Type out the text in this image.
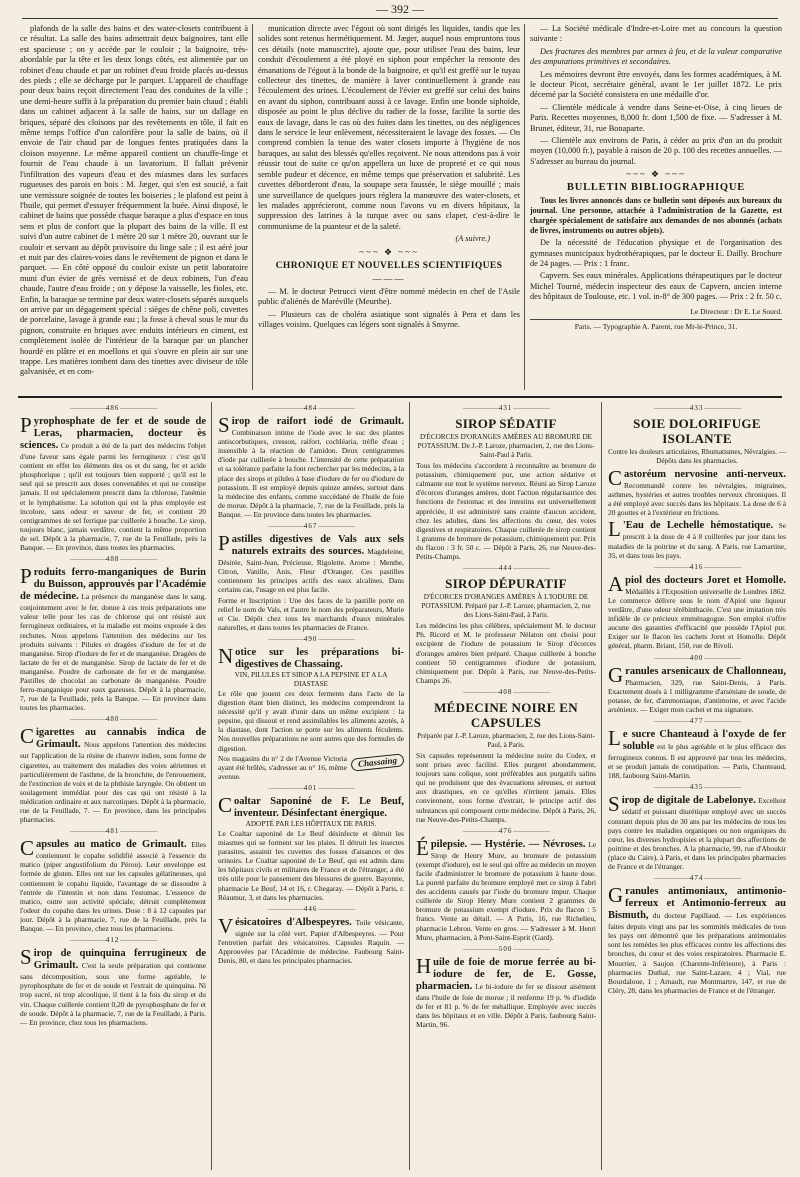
— 392 —

plafonds de la salle des bains et des water-closets contribuent à ce résultat. La salle des bains admettrait deux baignoires, tant elle est spacieuse ; on y accède par le couloir ; la baignoire, très-abordable par la tête et les deux longs côtés, est alimentée par un robinet d'eau chaude et par un robinet d'eau froide placés au-dessus des pieds ; elle se décharge par le parquet. L'appareil de chauffage pour deux bains reçoit directement l'eau des conduites de la ville ; une demi-heure suffit à la préparation du premier bain chaud ; établi dans un cabinet adjacent à la salle de bains, sur un dallage en briques, séparé des cloisons par des revêtements en tôle, il fait en même temps l'office d'un calorifère pour la salle de bains, où il envoie de l'air chaud par de longues fentes pratiquées dans la cloison moyenne. Le même appareil contient un chauffe-linge et fournit de l'eau chaude à un lavatorium. Il fallait prévenir l'infiltration des vapeurs d'eau et des miasmes dans les surfaces rugueuses des parois en bois : M. Jæger, qui s'en est soucié, a fait une vernissure soignée de toutes les boiseries ; le plafond est peint à l'huile, qui permet d'essuyer fréquemment la buée. Ainsi disposé, le cabinet de bains que possède chaque baraque a plus d'espace en tous sens et plus de confort que la plupart des bains de la ville. Il est suivi d'un autre cabinet de 1 mètre 20 sur 1 mètre 20, ouvrant sur le couloir et servant au dépôt provisoire du linge sale ; il est aéré jour et nuit par des claires-voies dans le revêtement de pignon et dans le parquet. — En côté opposé du couloir existe un petit laboratoire muni d'un évier de grès vernissé et de deux robinets, l'un d'eau chaude, l'autre d'eau froide ; on y dépose la vaisselle, les fioles, etc. Enfin, la baraque se termine par deux water-closets séparés auxquels on arrive par un dégagement spécial : sièges de chêne poli, cuvettes de porcelaine, lavage à grande eau ; la fosse à cheval sous le mur du pignon, construite en briques avec enduits intérieurs en ciment, est complètement isolée de l'intérieur de la baraque par un plancher hourdé en plâtre et en moellons et qui s'ouvre en plein air sur une trappe. Les matières tombent dans des tinettes avec diviseur de tôle galvanisée, et en com-

munication directe avec l'égout où sont dirigés les liquides, tandis que les solides sont retenus hermétiquement. M. Jæger, auquel nous empruntons tous ces détails (note manuscrite), ajoute que, pour utiliser l'eau des bains, leur conduit d'écoulement a été ployé en siphon pour empêcher la remonte des émanations de l'égout à la bonde de la baignoire, et qu'il est greffé sur le tuyau collecteur des tinettes, de manière à laver continuellement à grande eau l'écoulement des urines. L'écoulement de l'évier est greffé sur celui des bains en avant du siphon, contribuant aussi à ce lavage. Enfin une bonde siphoïde, disposée au point le plus déclive du radier de la fosse, facilite la sortie des eaux de lavage, dans le cas où des fuites dans les tinettes, ou des négligences dans le service le leur enlèvement, nécessiteraient le lavage des fosses. — On comprend combien la tenue des water closets importe à l'hygiène de nos baraques, au salut des blessés qu'elles reçoivent. Ne nous attendons pas à voir réussir tout de suite ce qu'on appellera un luxe de propreté et ce qui nous semble pudeur et décence, en même temps que préservation et salubrité. Les cuvettes déborderont d'eau, la soupape sera faussée, le siège mouillé ; mais une surveillance de quelques jours réglera la manœuvre des water-closets, et les malades apprécieront, comme nous l'avons vu en divers hôpitaux, la suppression des latrines à la turque avec ou sans clapet, c'est-à-dire le communisme de la puanteur et de la saleté.

(A suivre.)
~~~ ❖ ~~~
CHRONIQUE ET NOUVELLES SCIENTIFIQUES
———

— M. le docteur Petrucci vient d'être nommé médecin en chef de l'Asile public d'aliénés de Maréville (Meurthe).

— Plusieurs cas de choléra asiatique sont signalés à Pera et dans les villages voisins. Quelques cas légers sont signalés à Smyrne.

— La Société médicale d'Indre-et-Loire met au concours la question suivante :

Des fractures des membres par armes à feu, et de la valeur comparative des amputations primitives et secondaires.

Les mémoires devront être envoyés, dans les formes académiques, à M. le docteur Picot, secrétaire général, avant le 1er juillet 1872. Le prix décerné par la Société consistera en une médaille d'or.

— Clientèle médicale à vendre dans Seine-et-Oise, à cinq lieues de Paris. Recettes moyennes, 8,000 fr. dont 1,500 de fixe. — S'adresser à M. Brunet, éditeur, 31, rue Bonaparte.

— Clientèle aux environs de Paris, à céder au prix d'un an du produit moyen (10,000 fr.), payable à raison de 20 p. 100 des recettes annuelles. — S'adresser au bureau du journal.

~~~ ❖ ~~~
BULLETIN BIBLIOGRAPHIQUE

Tous les livres annoncés dans ce bulletin sont déposés aux bureaux du journal. Une personne, attachée à l'administration de la Gazette, est chargée spécialement de satisfaire aux demandes de nos abonnés (achats de livres, instruments ou autres objets).

De la nécessité de l'éducation physique et de l'organisation des gymnases municipaux hydrothérapiques, par le docteur E. Dailly. Brochure de 24 pages. — Prix : 1 franc.

Capvern. Ses eaux minérales. Applications thérapeutiques par le docteur Michel Tourné, médecin inspecteur des eaux de Capvern, ancien interne des hôpitaux de Toulouse, etc. 1 vol. in-8° de 300 pages. — Prix : 2 fr. 50 c.

Le Directeur : Dr E. Le Sourd.
Paris. — Typographie A. Parent, rue Mr-le-Prince, 31.
—————— 486 ——————
Pyrophosphate de fer et de soude de Leras, pharmacien, docteur ès sciences. Ce produit a été de la part des médecins l'objet d'une faveur sans égale parmi les ferrugineux : c'est qu'il contient en effet les éléments des os et du sang, fer et acide phosphorique ; qu'il est toujours bien supporté ; qu'il est le seul qui se prescrit aux doses convenables et qui ne constipe jamais. Il est spécialement prescrit dans la chlorose, l'anémie et le lymphatisme. La solution qui est la plus employée est incolore, sans odeur et saveur de fer, et contient 20 centigrammes de sel ferrique par cuillerée à bouche. Le sirop, toujours blanc, jamais verdâtre, contient la même proportion de sel. Dépôt à la pharmacie, 7, rue de la Feuillade, près la Banque. — En province, dans toutes les pharmacies.
—————— 488 ——————
Produits ferro-manganiques de Burin du Buisson, approuvés par l'Académie de médecine. La présence du manganèse dans le sang, conjointement avec le fer, donne à ces trois préparations une valeur telle pour les cas de chlorose qui ont résisté aux ferrugineux ordinaires, et la maladie est moins exposée à des rechutes. Nous appelons l'attention des médecins sur les produits suivants : Pilules et dragées d'iodure de fer et de manganèse. Sirop d'iodure de fer et de manganèse. Dragées de lactate de fer et de manganèse. Sirop de lactate de fer et de manganèse. Poudre de carbonate de fer et de manganèse. Pastilles de chocolat au carbonate de manganèse. Poudre ferro-manganique pour eaux gazeuses. Dépôt à la pharmacie, 7, rue de la Feuillade, près la Banque. — En province dans toutes les pharmacies.
—————— 480 ——————
Cigarettes au cannabis indica de Grimault. Nous appelons l'attention des médecins sur l'application de la résine de chanvre indien, sous forme de cigarettes, au traitement des maladies des voies aériennes et particulièrement de l'asthme, de la bronchite, de l'enrouement, de l'extinction de voix et de la phthisie laryngée. On obtient un soulagement immédiat pour des cas qui ont résisté à la médication ordinaire et aux narcotiques. Dépôt à la pharmacie, rue de la Feuillade, 7. — En province, dans les principales pharmacies.
—————— 481 ——————
Capsules au matico de Grimault. Elles contiennent le copahu solidifié associé à l'essence du matico (piper angustifolium du Pérou). Leur enveloppe est formée de gluten. Elles ont sur les capsules gélatineuses, qui contiennent le copahu liquide, l'avantage de se dissoudre à l'entrée de l'intestin et non dans l'estomac. L'essence de matico, outre son activité spéciale, détruit complètement l'odeur du copahu dans les urines. Dose : 8 à 12 capsules par jour. Dépôt à la pharmacie, 7, rue de la Feuillade, près la Banque. — En province, chez tous les pharmaciens.
—————— 412 ——————
Sirop de quinquina ferrugineux de Grimault. C'est la seule préparation qui contienne sans décomposition, sous une forme agréable, le pyrophosphate de fer et de soude et l'extrait de quinquina. Ni trop sucré, ni trop alcoolique, il tient à la fois du sirop et du vin. Chaque cuillerée contient 0,20 de pyrophosphate de fer et de soude. Dépôt à la pharmacie, 7, rue de la Feuillade, à Paris. — En province, chez tous les pharmaciens.
—————— 484 ——————
Sirop de raifort iodé de Grimault. Combinaison intime de l'iode avec le suc des plantes antiscorbutiques, cresson, raifort, cochléaria, trèfle d'eau ; insensible à la réaction de l'amidon. Deux centigrammes d'iode par cuillerée à bouche. L'intensité de cette préparation et sa tolérance parfaite la font rechercher par les médecins, à la place des sirops et pilules à base d'iodure de fer ou d'iodure de potassium. Il est employé depuis quinze années, surtout dans la médecine des enfants, comme succédané de l'huile de foie de morue. Dépôt à la pharmacie, 7, rue de la Feuillade, près la Banque. — En province dans toutes les pharmacies.
—————— 467 ——————
Pastilles digestives de Vals aux sels naturels extraits des sources. Magdeleine, Désirée, Saint-Jean, Précieuse, Rigolette. Arome : Menthe, Citron, Vanille, Anis, Fleur d'Oranger. Ces pastilles contiennent les principes actifs des eaux alcalines. Dans certains cas, l'usage en est plus facile.
Forme et Inscription : Une des faces de la pastille porte en relief le nom de Vals, et l'autre le nom des préparateurs, Murie et Cie. Dépôt chez tous les marchands d'eaux minérales naturelles, et dans toutes les pharmacies de France.
—————— 490 ——————
Notice sur les préparations bi-digestives de Chassaing.
VIN, PILULES ET SIROP A LA PEPSINE ET A LA DIASTASE
Le rôle que jouent ces deux ferments dans l'acte de la digestion étant bien distinct, les médecins comprendront la nécessité qu'il y avait d'unir dans un même excipient : la pepsine, qui dissout et rend assimilables les aliments azotés, à la diastase, dont l'action se porte sur les aliments féculents. Nos nouvelles préparations ne sont autres que des formules de digestion.
Chassaing
Nos magasins du n° 2 de l'Avenue Victoria ayant été brûlés, s'adresser au n° 16, même avenue.
—————— 401 ——————
Coaltar Saponiné de F. Le Beuf, inventeur. Désinfectant énergique.
ADOPTÉ PAR LES HÔPITAUX DE PARIS.
Le Coaltar saponiné de Le Beuf désinfecte et détruit les miasmes qui se forment sur les plaies. Il détruit les insectes parasites, assainit les cuvettes des fosses d'aisances et des urinoirs. Le Coaltar saponiné de Le Beuf, qui est admis dans les hôpitaux civils et militaires de France et de l'étranger, a été très utile pour le pansement des blessures de guerre. Bayonne, pharmacie Le Beuf, 14 et 16, r. Chegaray. — Dépôt à Paris, r. Réaumur, 3, et dans les pharmacies.
—————— 446 ——————
Vésicatoires d'Albespeyres. Toile vésicante, signée sur la côté vert. Papier d'Albespeyres. — Pour l'entretien parfait des vésicatoires. Capsules Raquin. — Approuvées par l'Académie de médecine. Faubourg Saint-Denis, 80, et dans les principales pharmacies.
—————— 431 ——————
SIROP SÉDATIF
D'ÉCORCES D'ORANGES AMÈRES AU BROMURE DE POTASSIUM. De J.-P. Laroze, pharmacien, 2, rue des Lions-Saint-Paul à Paris.
Tous les médecins s'accordent à reconnaître au bromure de potassium, chimiquement pur, une action sédative et calmante sur tout le système nerveux. Réuni au Sirop Laroze d'écorces d'oranges amères, dont l'action régularisatrice des fonctions de l'estomac et des intestins est universellement appréciée, il est administré sans crainte d'aucun accident, chez les adultes, dans les affections du cœur, des voies digestives et respiratoires. Chaque cuillerée de sirop contient 1 gramme de bromure de potassium, chimiquement pur. Prix du flacon : 3 fr. 50 c. — Dépôt à Paris, 26, rue Neuve-des-Petits-Champs.
—————— 444 ——————
SIROP DÉPURATIF
D'ÉCORCES D'ORANGES AMÈRES À L'IODURE DE POTASSIUM. Préparé par J.-P. Laroze, pharmacien, 2, rue des Lions-Saint-Paul, à Paris.
Les médecins les plus célèbres, spécialement M. le docteur Ph. Ricord et M. le professeur Nélaton ont choisi pour excipient de l'iodure de potassium le Sirop d'écorces d'oranges amères bien préparé. Chaque cuillerée à bouche contient 50 centigrammes d'iodure de potassium, chimiquement pur. Dépôt à Paris, rue Neuve-des-Petits-Champs 26.
—————— 408 ——————
MÉDECINE NOIRE EN CAPSULES
Préparée par J.-P. Laroze, pharmacien, 2, rue des Lions-Saint-Paul, à Paris.
Six capsules représentent la médecine noire du Codex, et sont prises avec facilité. Elles purgent abondamment, toujours sans colique, sont préférables aux purgatifs salins qui ne produisent que des évacuations séreuses, et surtout aux drastiques, en ce qu'elles n'irritent jamais. Elles conviennent, sous forme d'extrait, le principe actif des substances qui composent cette médecine. Dépôt à Paris, 26, rue Neuve-des-Petits-Champs.
—————— 476 ——————
Épilepsie. — Hystérie. — Névroses. Le Sirop de Henry Mure, au bromure de potassium (exempt d'iodure), est le seul qui offre au médecin un moyen facile d'administrer le bromure de potassium à haute dose. La pureté parfaite du bromure employé met ce sirop à l'abri des accidents causés par l'iode du bromure impur. Chaque cuillerée de Sirop Henry Mure contient 2 grammes de bromure de potassium exempt d'iodure. Prix du flacon : 5 francs. Vente au détail. — A Paris, 16, rue Richelieu, pharmacie Lebrou. Vente en gros. — S'adresser à M. Henri Mure, pharmacien, à Pont-Saint-Esprit (Gard).
—————— 500 ——————
Huile de foie de morue ferrée au bi-iodure de fer, de E. Gosse, pharmacien. Le bi-iodure de fer se dissout aisément dans l'huile de foie de morue ; il renferme 19 p. % d'iodide de fer et 81 p. % de fer métallique. Employée avec succès dans les hôpitaux et en ville. Dépôt à Paris, faubourg Saint-Martin, 96.
—————— 433 ——————
SOIE DOLORIFUGE ISOLANTE
Contre les douleurs articulaires, Rhumatismes, Névralgies. — Dépôts dans les pharmacies.
Castoréum nervosine anti-nerveux. Recommandé contre les névralgies, migraines, asthmes, hystéries et autres troubles nerveux chroniques. Il a été employé avec succès dans les hôpitaux. La dose de 6 à 20 gouttes et à l'extérieur en frictions.
L 'Eau de Lechelle hémostatique. Se prescrit à la dose de 4 à 8 cuillerées par jour dans les maladies de la poitrine et du sang. A Paris, rue Lamartine, 35, et dans tous les pays.
—————— 416 ——————
Apiol des docteurs Joret et Homolle. Médaillés à l'Exposition universelle de Londres 1862. Le commerce délivre sous le nom d'Apiol une liqueur verdâtre, d'une odeur térébinthacée. C'est une imitation très infidèle de ce précieux emménagogue. Son emploi n'offre aucune des garanties d'efficacité que possède l'Apiol pur. Exiger sur le flacon les cachets Joret et Homolle. Dépôt général, pharm. Briant, 150, rue de Rivoli.
—————— 400 ——————
Granules arsenicaux de Challonneau, Pharmacien, 329, rue Saint-Denis, à Paris. Exactement dosés à 1 milligramme d'arséniate de soude, de potasse, de fer, d'ammoniaque, d'antimoine, et avec l'acide arsénieux. — Exiger mon cachet et ma signature.
—————— 477 ——————
Le sucre Chanteaud à l'oxyde de fer soluble est le plus agréable et le plus efficace des ferrugineux connus. Il est approuvé par tous les médecins, et se produit jamais de constipation. — Paris, Chanteaud, 188, faubourg Saint-Martin.
—————— 435 ——————
Sirop de digitale de Labelonye. Excellent sédatif et puissant diurétique employé avec un succès constant depuis plus de 30 ans par les médecins de tous les pays contre les maladies organiques ou non organiques du cœur, les diverses hydropisies et la plupart des affections de poitrine et des bronches. A la pharmacie, 99, rue d'Aboukir (place du Caire), à Paris, et dans les principales pharmacies de France et de l'étranger.
—————— 474 ——————
Granules antimoniaux, antimonio-ferreux et Antimonio-ferreux au Bismuth, du docteur Papillaud. — Les expériences faites depuis vingt ans par les sommités médicales de tous les pays ont démontré que les préparations antimoniales sont les remèdes les plus efficaces contre les affections des bronches, du cœur et des voies respiratoires. Pharmacie E. Mourrier, à Saujon (Charente-Inférieure), à Paris : pharmacies Duthal, rue Saint-Lazare, 4 ; Vial, rue Bourdaloue, 1 ; Arnault, rue Montmartre, 147, et rue de Cléry, 28, dans les pharmacies de France et de l'étranger.
